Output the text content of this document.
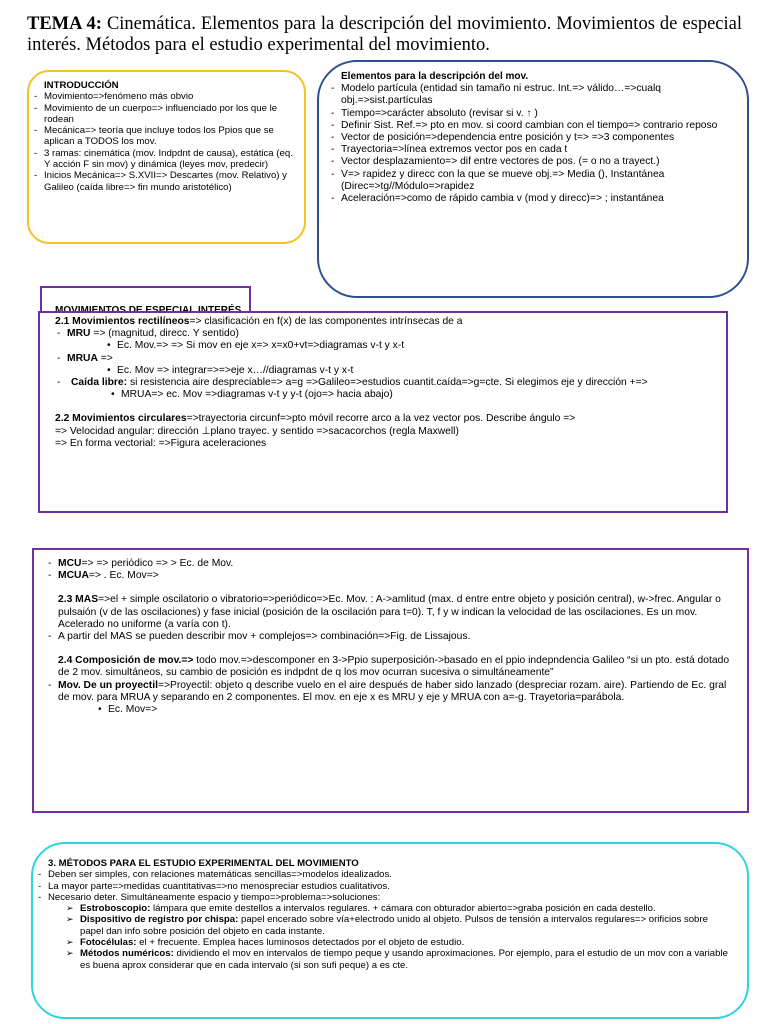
TEMA 4: Cinemática. Elementos para la descripción del movimiento. Movimientos de especial interés. Métodos para el estudio experimental del movimiento.

INTRODUCCIÓN

- Movimiento=>fenómeno más obvio
- Movimiento de un cuerpo=> influenciado por los que le rodean
- Mecánica=> teoría que incluye todos los Ppios que se aplican a TODOS los mov.
- 3 ramas: cinemática (mov. Indpdnt de causa), estática (eq. Y acción F sin mov) y dinámica (leyes mov, predecir)
- Inicios Mecánica=> S.XVII=> Descartes (mov. Relativo) y Galileo (caída libre=> fin mundo aristotélico)

Elementos para la descripción del mov.

- Modelo partícula (entidad sin tamaño ni estruc. Int.=> válido…=>cualq obj.=>sist.partículas
- Tiempo=>carácter absoluto (revisar si v. ↑ )
- Definir Sist. Ref.=> pto en mov. si coord cambian con el tiempo=> contrario reposo
- Vector de posición=>dependencia entre posición y t=> =>3 componentes
- Trayectoria=>línea extremos vector pos en cada t
- Vector desplazamiento=> dif entre vectores de pos. (= o no a trayect.)
- V=> rapidez y direcc con la que se mueve obj.=> Media (), Instantánea (Direc=>tg//Módulo=>rapidez
- Aceleración=>como de rápido cambia v (mod y direcc)=> ; instantánea
MOVIMIENTOS DE ESPECIAL INTERÉS

2.1 Movimientos rectilíneos=> clasificación en f(x) de las componentes intrínsecas de a

- MRU => (magnitud, direcc. Y sentido)
• Ec. Mov.=> => Si mov en eje x=> x=x0+vt=>diagramas v-t y x-t
- MRUA =>
• Ec. Mov => integrar=>=>eje x…//diagramas v-t y x-t
- Caída libre: si resistencia aire despreciable=> a=g =>Galileo=>estudios cuantit.caída=>g=cte. Si elegimos eje y dirección +=>
• MRUA=> ec. Mov =>diagramas v-t y y-t (ojo=> hacia abajo)

2.2 Movimientos circulares=>trayectoria circunf=>pto móvil recorre arco a la vez vector pos. Describe ángulo =>

=> Velocidad angular: dirección ⊥plano trayec. y sentido =>sacacorchos (regla Maxwell)

=> En forma vectorial: =>Figura aceleraciones

- MCU=> => periódico => > Ec. de Mov.
- MCUA=> . Ec. Mov=>

2.3 MAS=>el + simple oscilatorio o vibratorio=>periódico=>Ec. Mov. : A->amlitud (max. d entre entre objeto y posición central), w->frec. Angular o pulsaión (v de las oscilaciones) y fase inicial (posición de la oscilación para t=0). T, f y w indican la velocidad de las oscilaciones. Es un mov. Acelerado no uniforme (a varía con t).

- A partir del MAS se pueden describir mov + complejos=> combinación=>Fig. de Lissajous.

2.4 Composición de mov.=> todo mov.=>descomponer en 3->Ppio superposición->basado en el ppio indepndencia Galileo “si un pto. está dotado de 2 mov. simultáneos, su cambio de posición es indpdnt de q los mov ocurran sucesiva o simultáneamente”

- Mov. De un proyectil=>Proyectil: objeto q describe vuelo en el aire después de haber sido lanzado (despreciar rozam. aire). Partiendo de Ec. gral de mov. para MRUA y separando en 2 componentes. El mov. en eje x es MRU y eje y MRUA con a=-g. Trayetoria=parábola.
• Ec. Mov=>

3. MÉTODOS PARA EL ESTUDIO EXPERIMENTAL DEL MOVIMIENTO

- Deben ser simples, con relaciones matemáticas sencillas=>modelos idealizados.
- La mayor parte=>medidas cuantitativas=>no menospreciar estudios cualitativos.
- Necesario deter. Simultáneamente espacio y tiempo=>problema=>soluciones:
➢ Estroboscopio: lámpara que emite destellos a intervalos regulares. + cámara con obturador abierto=>graba posición en cada destello.
➢ Dispositivo de registro por chispa: papel encerado sobre vía+electrodo unido al objeto. Pulsos de tensión a intervalos regulares=> orificios sobre papel dan info sobre posición del objeto en cada instante.
➢ Fotocélulas: el + frecuente. Emplea haces luminosos detectados por el objeto de estudio.
➢ Métodos numéricos: dividiendo el mov en intervalos de tiempo peque y usando aproximaciones. Por ejemplo, para el estudio de un mov con a variable es buena aprox considerar que en cada intervalo (si son sufi peque) a es cte.
